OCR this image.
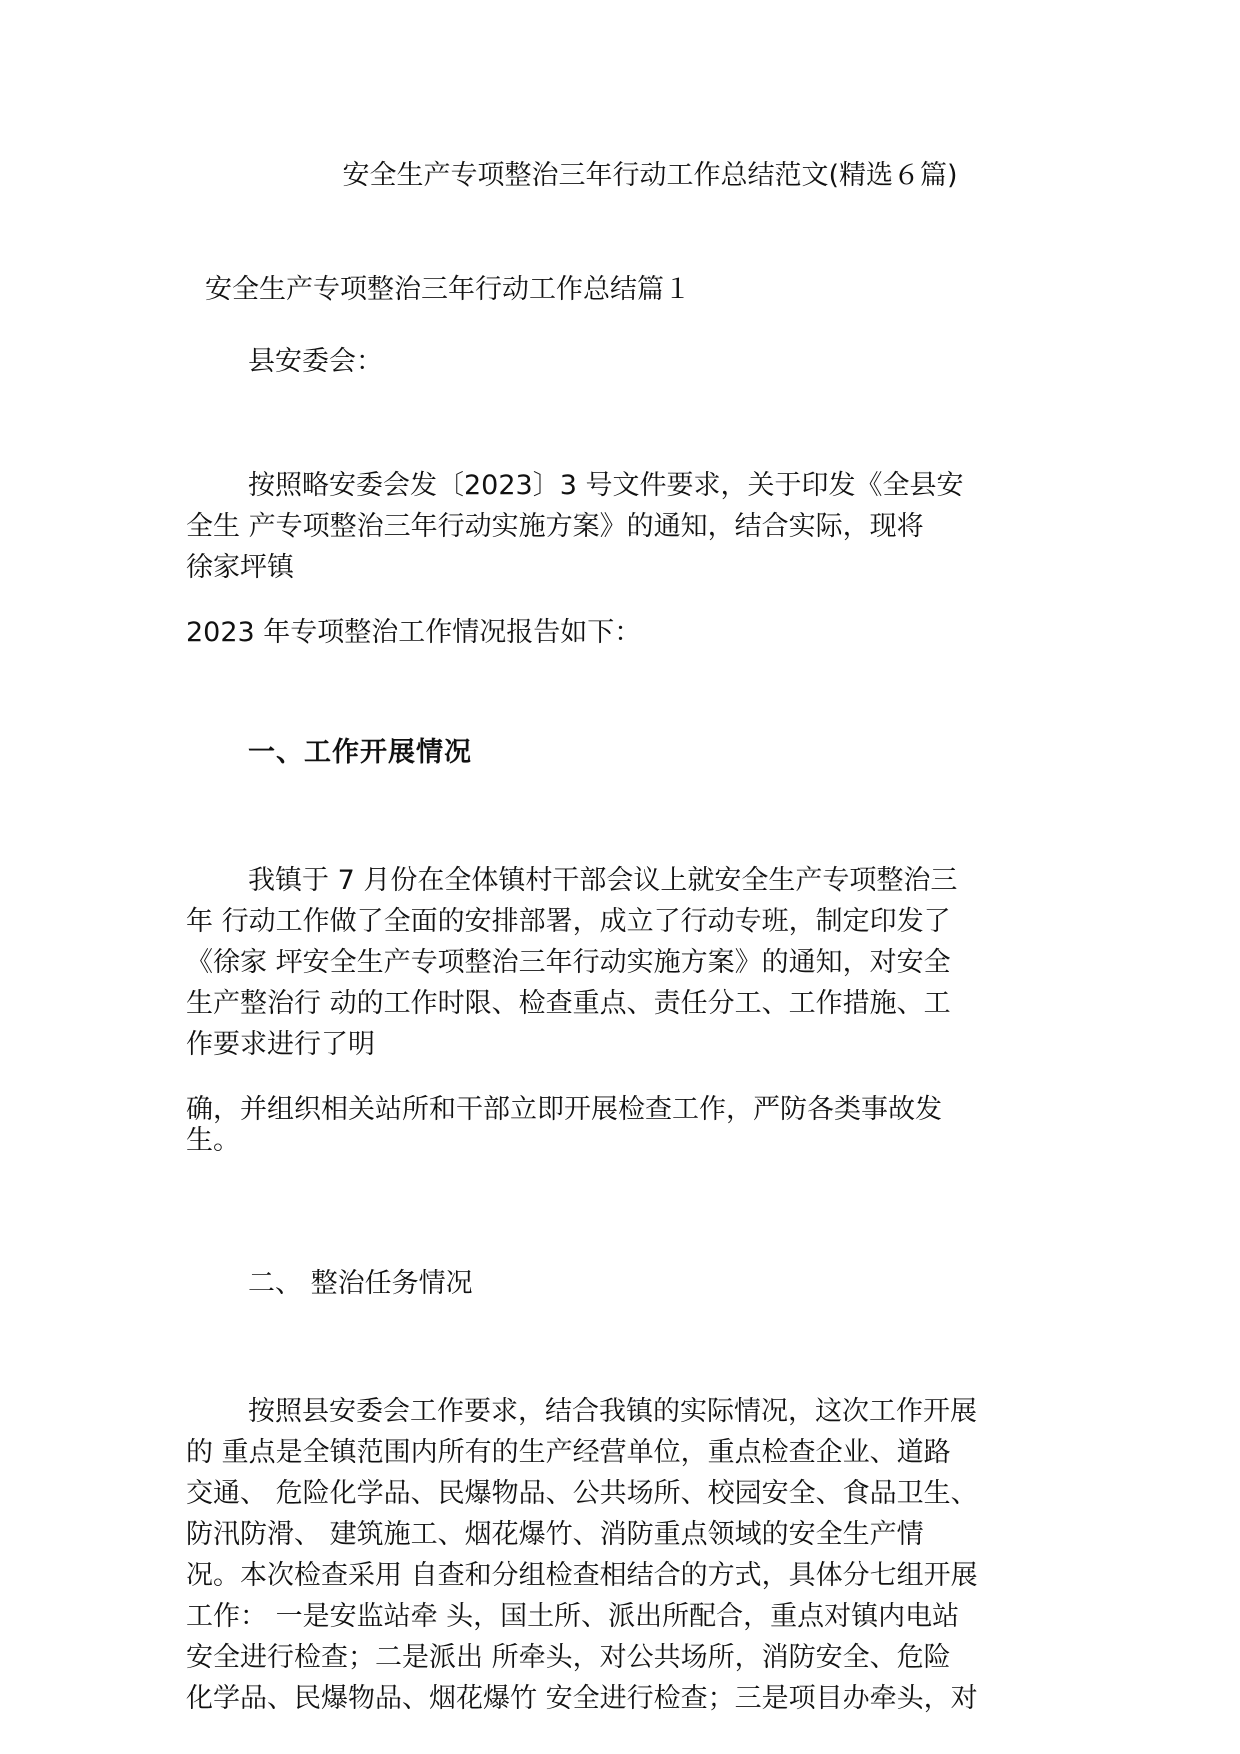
安全生产专项整治三年行动工作总结范文(精选６篇)
安全生产专项整治三年行动工作总结篇１
县安委会：
按照略安委会发〔2023〕3 号文件要求，关于印发《全县安
全生 产专项整治三年行动实施方案》的通知，结合实际，现将
徐家坪镇
2023 年专项整治工作情况报告如下：
一、工作开展情况
我镇于 7 月份在全体镇村干部会议上就安全生产专项整治三
年 行动工作做了全面的安排部署，成立了行动专班，制定印发了
《徐家 坪安全生产专项整治三年行动实施方案》的通知，对安全
生产整治行 动的工作时限、检查重点、责任分工、工作措施、工
作要求进行了明
确，并组织相关站所和干部立即开展检查工作，严防各类事故发
生。
二、 整治任务情况
按照县安委会工作要求，结合我镇的实际情况，这次工作开展
的 重点是全镇范围内所有的生产经营单位，重点检查企业、道路
交通、 危险化学品、民爆物品、公共场所、校园安全、食品卫生、
防汛防滑、 建筑施工、烟花爆竹、消防重点领域的安全生产情
况。本次检查采用 自查和分组检查相结合的方式，具体分七组开展
工作： 一是安监站牵 头，国土所、派出所配合，重点对镇内电站
安全进行检查；二是派出 所牵头，对公共场所，消防安全、危险
化学品、民爆物品、烟花爆竹 安全进行检查；三是项目办牵头，对
